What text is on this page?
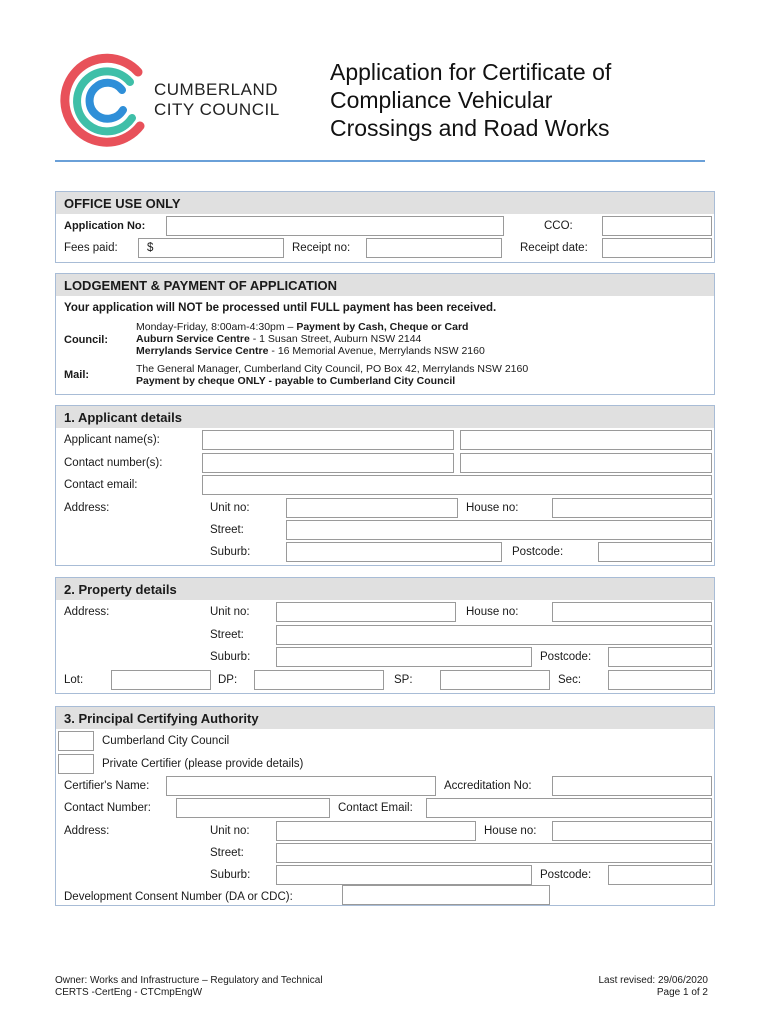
CUMBERLAND
CITY COUNCIL
Application for Certificate of
Compliance Vehicular
Crossings and Road Works
OFFICE USE ONLY
Application No:	CCO:
Fees paid:	$	Receipt no:	Receipt date:
LODGEMENT & PAYMENT OF APPLICATION
Your application will NOT be processed until FULL payment has been received.
Council:
Monday-Friday, 8:00am-4:30pm – Payment by Cash, Cheque or Card
Auburn Service Centre - 1 Susan Street, Auburn NSW 2144
Merrylands Service Centre - 16 Memorial Avenue, Merrylands NSW 2160
Mail:	The General Manager, Cumberland City Council, PO Box 42, Merrylands NSW 2160
Payment by cheque ONLY - payable to Cumberland City Council
1. Applicant details
Applicant name(s):
Contact number(s):
Contact email:
Address:	Unit no:	House no:
Street:
Suburb:	Postcode:
2. Property details
Address:	Unit no:	House no:
Street:
Suburb:	Postcode:
Lot:	DP:	SP:	Sec:
3. Principal Certifying Authority
Cumberland City Council
Private Certifier (please provide details)
Certifier's Name:	Accreditation No:
Contact Number:	Contact Email:
Address:	Unit no:	House no:
Street:
Suburb:	Postcode:
Development Consent Number (DA or CDC):
Owner: Works and Infrastructure – Regulatory and Technical
CERTS -CertEng - CTCmpEngW
Last revised: 29/06/2020
Page 1 of 2
